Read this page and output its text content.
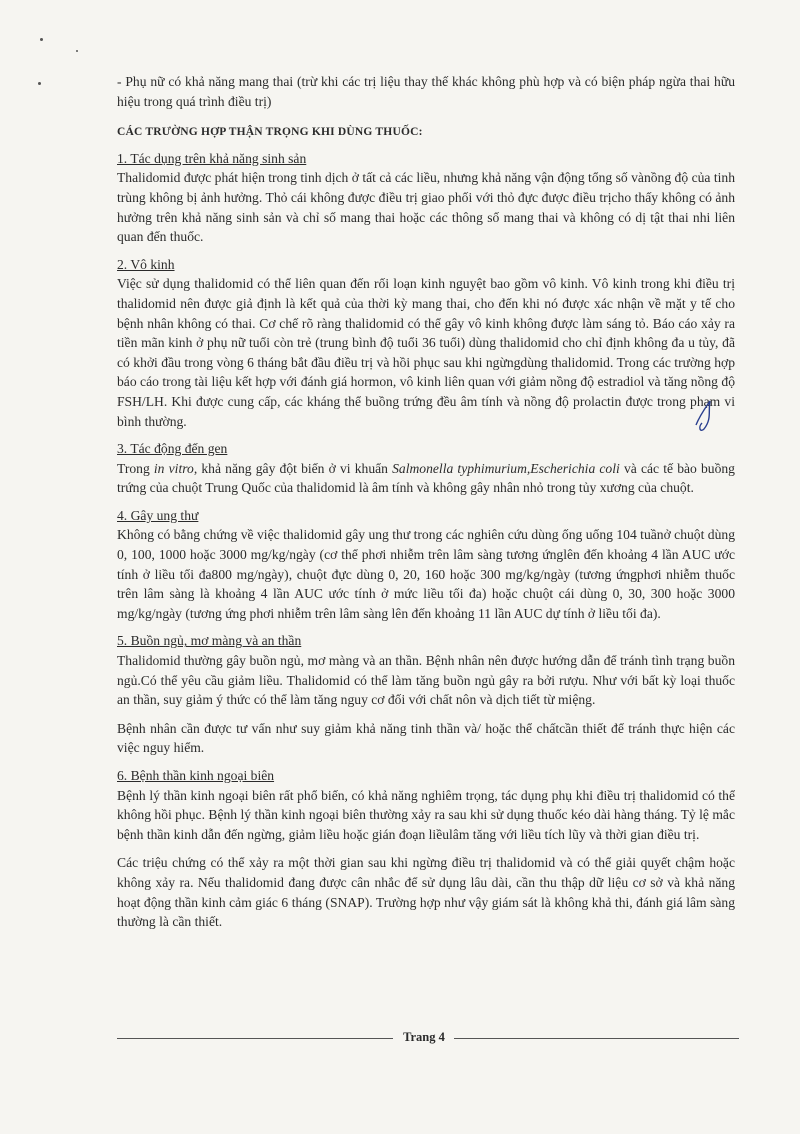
- Phụ nữ có khả năng mang thai (trừ khi các trị liệu thay thế khác không phù hợp và có biện pháp ngừa thai hữu hiệu trong quá trình điều trị)

CÁC TRƯỜNG HỢP THẬN TRỌNG KHI DÙNG THUỐC:

1. Tác dụng trên khả năng sinh sản

Thalidomid được phát hiện trong tinh dịch ở tất cả các liều, nhưng khả năng vận động tổng số vànồng độ của tinh trùng không bị ảnh hưởng. Thỏ cái không được điều trị giao phối với thỏ đực được điều trịcho thấy không có ảnh hưởng trên khả năng sinh sản và chỉ số mang thai hoặc các thông số mang thai và không có dị tật thai nhi liên quan đến thuốc.

2. Vô kinh

Việc sử dụng thalidomid có thể liên quan đến rối loạn kinh nguyệt bao gồm vô kinh. Vô kinh trong khi điều trị thalidomid nên được giả định là kết quả của thời kỳ mang thai, cho đến khi nó được xác nhận về mặt y tế cho bệnh nhân không có thai. Cơ chế rõ ràng thalidomid có thể gây vô kinh không được làm sáng tỏ. Báo cáo xảy ra tiền mãn kinh ở phụ nữ tuổi còn trẻ (trung bình độ tuổi 36 tuổi) dùng thalidomid cho chỉ định không đa u tủy, đã có khởi đầu trong vòng 6 tháng bắt đầu điều trị và hồi phục sau khi ngừngdùng thalidomid. Trong các trường hợp báo cáo trong tài liệu kết hợp với đánh giá hormon, vô kinh liên quan với giảm nồng độ estradiol và tăng nồng độ FSH/LH. Khi được cung cấp, các kháng thể buồng trứng đều âm tính và nồng độ prolactin được trong phạm vi bình thường.

3. Tác động đến gen

Trong in vitro, khả năng gây đột biến ở vi khuẩn Salmonella typhimurium,Escherichia coli và các tế bào buồng trứng của chuột Trung Quốc của thalidomid là âm tính và không gây nhân nhỏ trong tủy xương của chuột.

4. Gây ung thư

Không có bằng chứng về việc thalidomid gây ung thư trong các nghiên cứu dùng ống uống 104 tuầnở chuột dùng 0, 100, 1000 hoặc 3000 mg/kg/ngày (cơ thể phơi nhiễm trên lâm sàng tương ứnglên đến khoảng 4 lần AUC ước tính ở liều tối đa800 mg/ngày), chuột đực dùng 0, 20, 160 hoặc 300 mg/kg/ngày (tương ứngphơi nhiễm thuốc trên lâm sàng là khoảng 4 lần AUC ước tính ở mức liều tối đa) hoặc chuột cái dùng 0, 30, 300 hoặc 3000 mg/kg/ngày (tương ứng phơi nhiễm trên lâm sàng lên đến khoảng 11 lần AUC dự tính ở liều tối đa).

5. Buồn ngủ, mơ màng và an thần

Thalidomid thường gây buồn ngủ, mơ màng và an thần. Bệnh nhân nên được hướng dẫn để tránh tình trạng buồn ngủ.Có thể yêu cầu giảm liều. Thalidomid có thể làm tăng buồn ngủ gây ra bởi rượu. Như với bất kỳ loại thuốc an thần, suy giảm ý thức có thể làm tăng nguy cơ đối với chất nôn và dịch tiết từ miệng.

Bệnh nhân cần được tư vấn như suy giảm khả năng tinh thần và/ hoặc thể chấtcần thiết để tránh thực hiện các việc nguy hiểm.

6. Bệnh thần kinh ngoại biên

Bệnh lý thần kinh ngoại biên rất phổ biến, có khả năng nghiêm trọng, tác dụng phụ khi điều trị thalidomid có thể không hồi phục. Bệnh lý thần kinh ngoại biên thường xảy ra sau khi sử dụng thuốc kéo dài hàng tháng. Tỷ lệ mắc bệnh thần kinh dẫn đến ngừng, giảm liều hoặc gián đoạn liềulâm tăng với liều tích lũy và thời gian điều trị.

Các triệu chứng có thể xảy ra một thời gian sau khi ngừng điều trị thalidomid và có thể giải quyết chậm hoặc không xảy ra. Nếu thalidomid đang được cân nhắc để sử dụng lâu dài, cần thu thập dữ liệu cơ sở và khả năng hoạt động thần kinh cảm giác 6 tháng (SNAP). Trường hợp như vậy giám sát là không khả thi, đánh giá lâm sàng thường là cần thiết.

Trang 4
